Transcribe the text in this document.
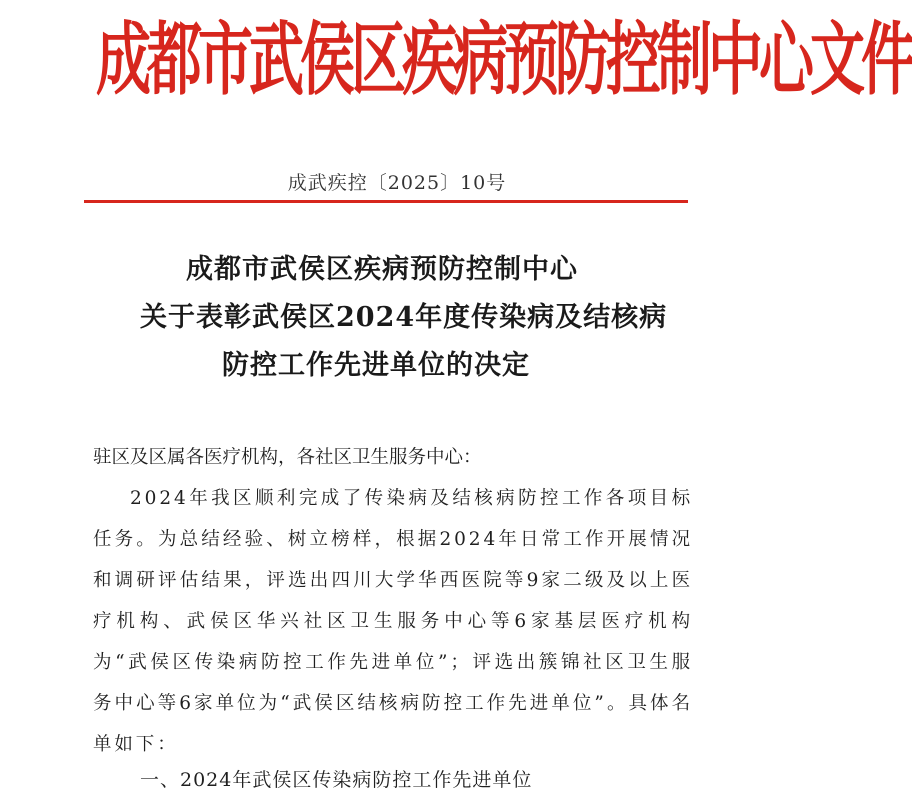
成都市武侯区疾病预防控制中心文件
成武疾控〔2025〕10号
成都市武侯区疾病预防控制中心
关于表彰武侯区2024年度传染病及结核病
防控工作先进单位的决定

驻区及区属各医疗机构，各社区卫生服务中心：

2024年我区顺利完成了传染病及结核病防控工作各项目标任务。为总结经验、树立榜样，根据2024年日常工作开展情况和调研评估结果，评选出四川大学华西医院等9家二级及以上医疗机构、武侯区华兴社区卫生服务中心等6家基层医疗机构为“武侯区传染病防控工作先进单位”；评选出簇锦社区卫生服务中心等6家单位为“武侯区结核病防控工作先进单位”。具体名单如下：

一、2024年武侯区传染病防控工作先进单位
